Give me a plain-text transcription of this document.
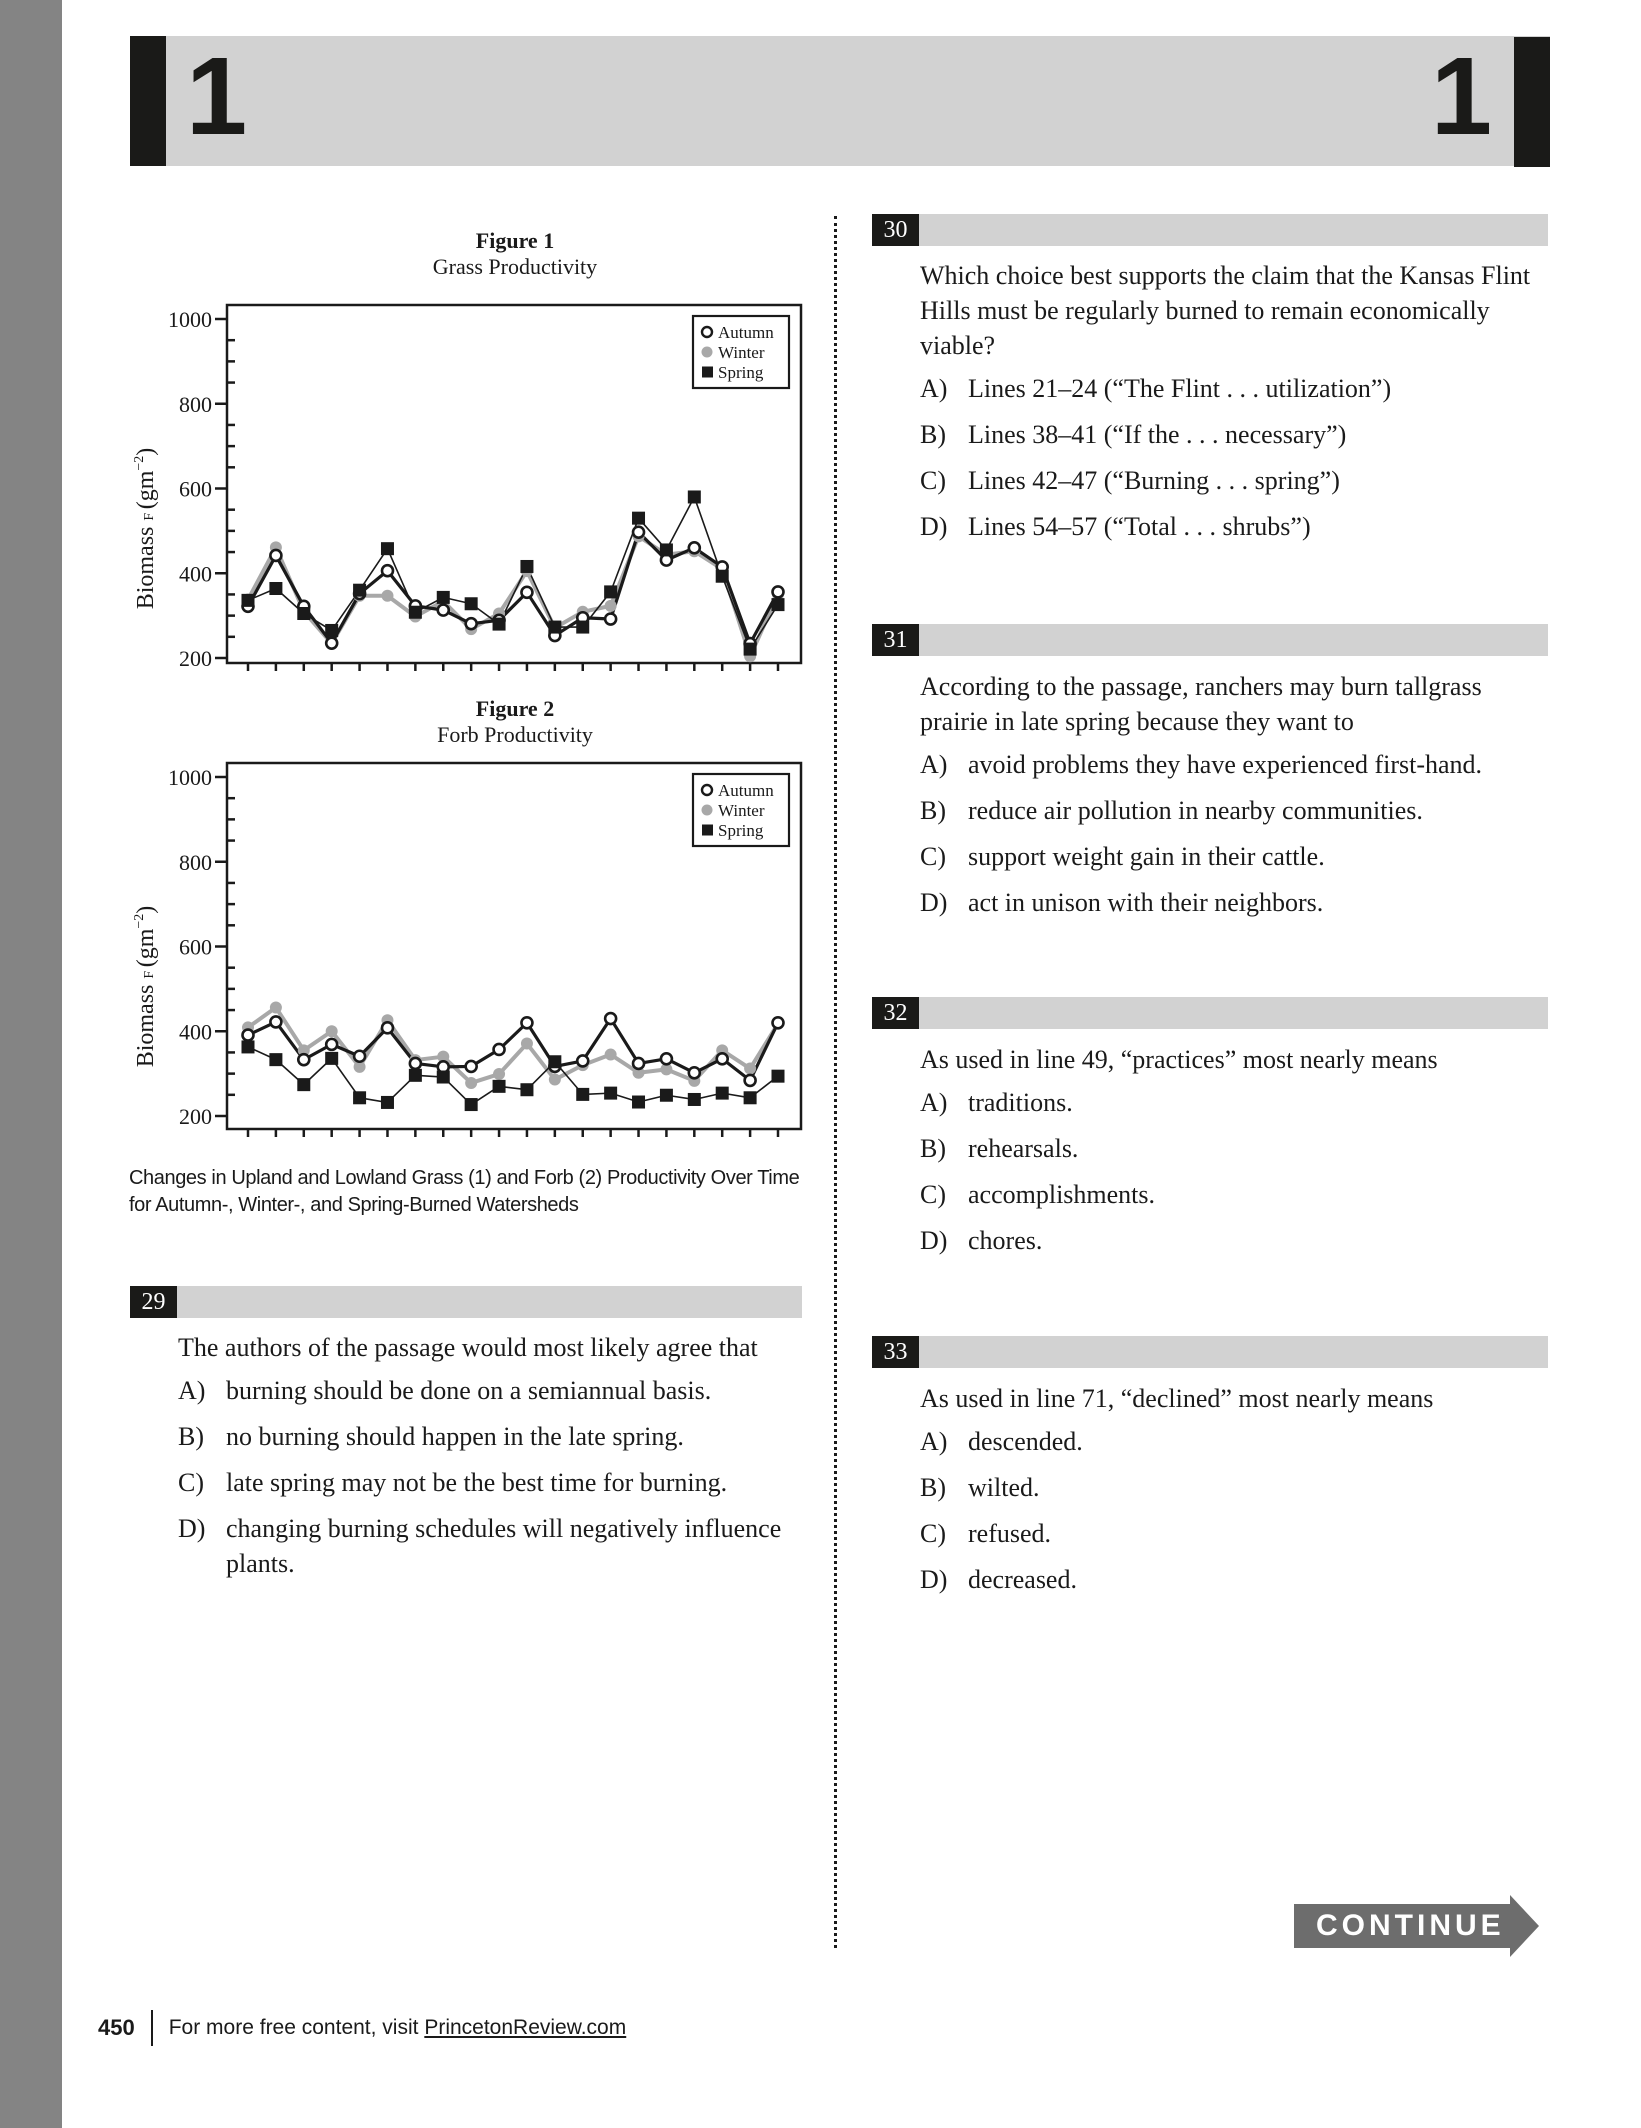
1	1
Figure 1
Grass Productivity
200
400
600
800
1000
Biomass F $(gm^{-2})$
Autumn
Winter
Spring
Figure 2
Forb Productivity
200
400
600
800
1000
Biomass F $(gm^{-2})$
Autumn
Winter
Spring
Changes in Upland and Lowland Grass (1) and Forb (2) Productivity Over Time for Autumn-, Winter-, and Spring-Burned Watersheds
29
The authors of the passage would most likely agree that
A) burning should be done on a semiannual basis.
B) no burning should happen in the late spring.
C) late spring may not be the best time for burning.
D) changing burning schedules will negatively influence plants.
30
Which choice best supports the claim that the Kansas Flint Hills must be regularly burned to remain economically viable?
A) Lines 21–24 (“The Flint . . . utilization”)
B) Lines 38–41 (“If the . . . necessary”)
C) Lines 42–47 (“Burning . . . spring”)
D) Lines 54–57 (“Total . . . shrubs”)
31
According to the passage, ranchers may burn tallgrass prairie in late spring because they want to
A) avoid problems they have experienced first-hand.
B) reduce air pollution in nearby communities.
C) support weight gain in their cattle.
D) act in unison with their neighbors.
32
As used in line 49, “practices” most nearly means
A) traditions.
B) rehearsals.
C) accomplishments.
D) chores.
33
As used in line 71, “declined” most nearly means
A) descended.
B) wilted.
C) refused.
D) decreased.
CONTINUE
450 For more free content, visit PrincetonReview.com
